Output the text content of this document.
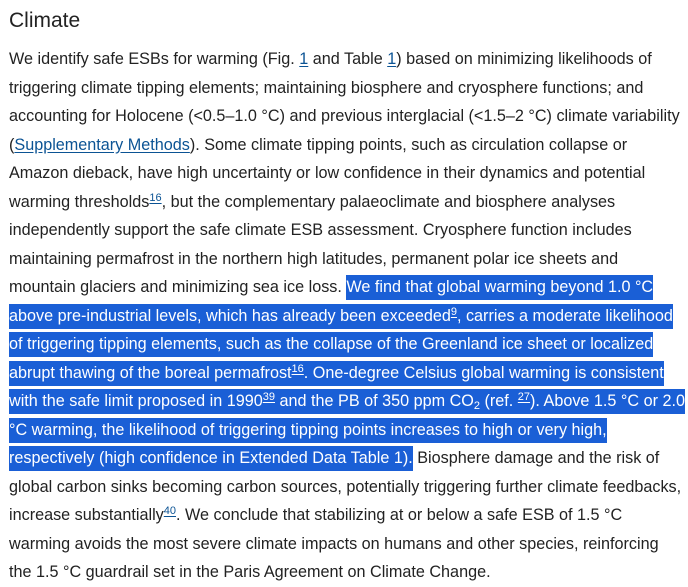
Climate

We identify safe ESBs for warming (Fig. 1 and Table 1) based on minimizing likelihoods of triggering climate tipping elements; maintaining biosphere and cryosphere functions; and accounting for Holocene (<0.5–1.0 °C) and previous interglacial (<1.5–2 °C) climate variability (Supplementary Methods). Some climate tipping points, such as circulation collapse or Amazon dieback, have high uncertainty or low confidence in their dynamics and potential warming thresholds$^{16}$, but the complementary palaeoclimate and biosphere analyses independently support the safe climate ESB assessment. Cryosphere function includes maintaining permafrost in the northern high latitudes, permanent polar ice sheets and mountain glaciers and minimizing sea ice loss. We find that global warming beyond 1.0 °C above pre-industrial levels, which has already been exceeded$^9$, carries a moderate likelihood of triggering tipping elements, such as the collapse of the Greenland ice sheet or localized abrupt thawing of the boreal permafrost$^{16}$. One-degree Celsius global warming is consistent with the safe limit proposed in 1990$^{39}$ and the PB of 350 ppm $CO_2$ (ref. $^{27}$). Above 1.5 °C or 2.0 °C warming, the likelihood of triggering tipping points increases to high or very high, respectively (high confidence in Extended Data Table 1). Biosphere damage and the risk of global carbon sinks becoming carbon sources, potentially triggering further climate feedbacks, increase substantially$^{40}$. We conclude that stabilizing at or below a safe ESB of 1.5 °C warming avoids the most severe climate impacts on humans and other species, reinforcing the 1.5 °C guardrail set in the Paris Agreement on Climate Change.
